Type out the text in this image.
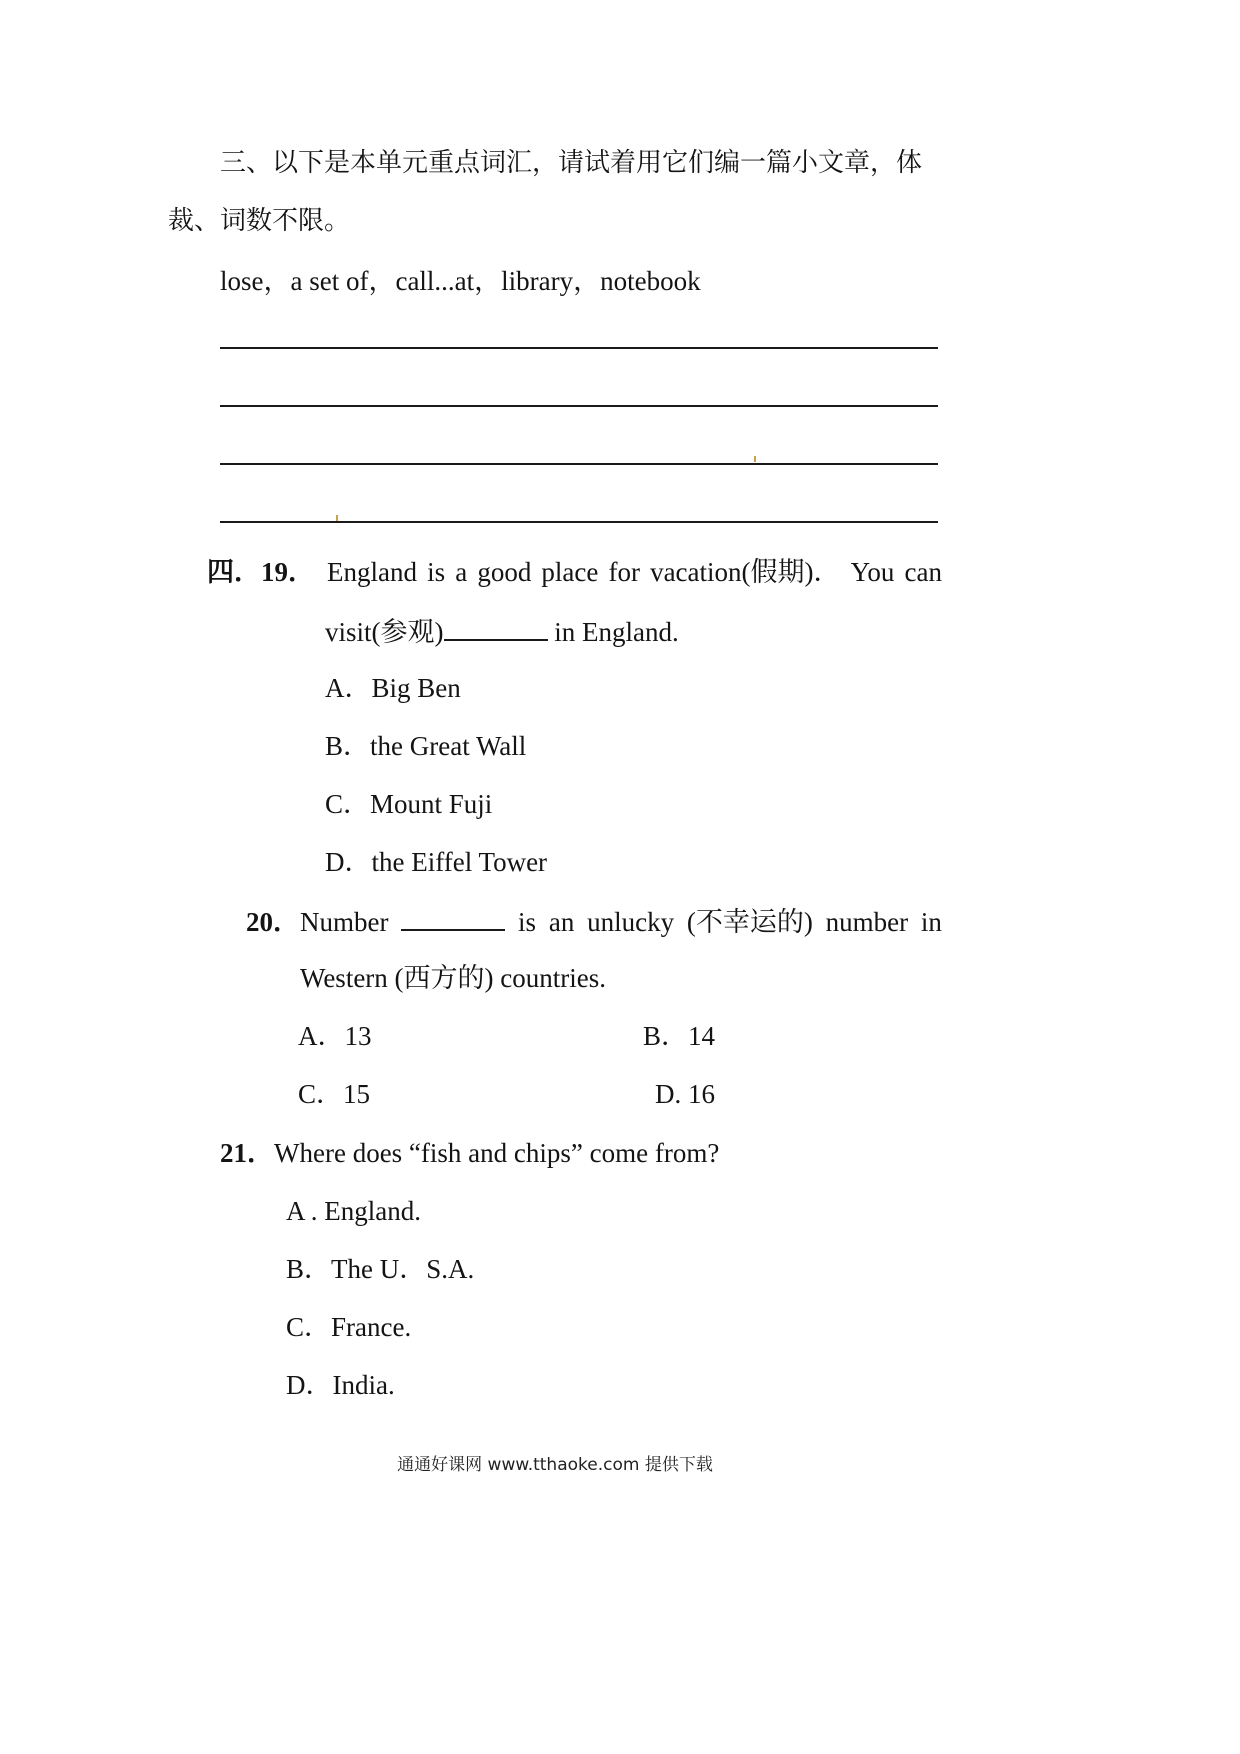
三、以下是本单元重点词汇，请试着用它们编一篇小文章，体
裁、词数不限。
lose，a set of，call...at，library，notebook
四． 19． England is a good place for vacation(假期)． You can
visit(参观)	in England.
A．Big Ben
B．the Great Wall
C．Mount Fuji
D．the Eiffel Tower
20．Number	is an unlucky (不幸运的) number in
Western (西方的) countries.
A．13	B．14
C．15	D. 16
21．Where does “fish and chips” come from?
A . England.
B．The U．S.A.
C．France.
D．India.
通通好课网 www.tthaoke.com 提供下载
